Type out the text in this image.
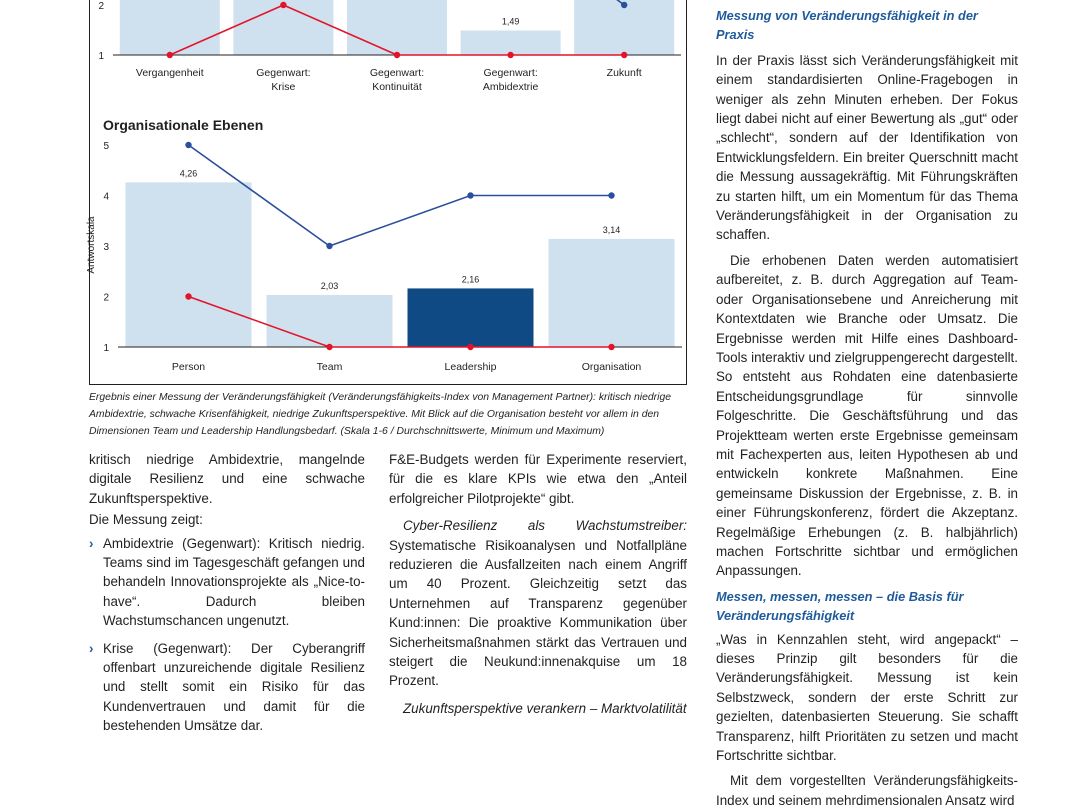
1
2
1,49
Vergangenheit	Gegenwart:
Krise
Gegenwart:
Kontinuität
Gegenwart:
Ambidextrie
Zukunft
1
2
3
4
5
4,26
2,03
2,16
3,14
Person	Team	Leadership	Organisation
Organisationale Ebenen
Antwortskala
Ergebnis einer Messung der Veränderungsfähigkeit (Veränderungsfähigkeits-Index von Management Partner): kritisch niedrige Ambidextrie, schwache Krisenfähigkeit, niedrige Zukunftsperspektive. Mit Blick auf die Organisation besteht vor allem in den Dimensionen Team und Leadership Handlungsbedarf. (Skala 1-6 / Durchschnittswerte, Minimum und Maximum)

kritisch niedrige Ambidextrie, mangelnde digitale Resilienz und eine schwache Zukunftsperspektive.

Die Messung zeigt:

› Ambidextrie (Gegenwart): Kritisch niedrig. Teams sind im Tagesgeschäft gefangen und behandeln Innovationsprojekte als „Nice-to-have“. Dadurch bleiben Wachstumschancen ungenutzt.
› Krise (Gegenwart): Der Cyberangriff offenbart unzureichende digitale Resilienz und stellt somit ein Risiko für das Kundenvertrauen und damit für die bestehenden Umsätze dar.

F&E-Budgets werden für Experimente reserviert, für die es klare KPIs wie etwa den „Anteil erfolgreicher Pilotprojekte“ gibt.

Cyber-Resilienz als Wachstumstreiber: Systematische Risikoanalysen und Notfallpläne reduzieren die Ausfallzeiten nach einem Angriff um 40 Prozent. Gleichzeitig setzt das Unternehmen auf Transparenz gegenüber Kund:innen: Die proaktive Kommunikation über Sicherheitsmaßnahmen stärkt das Vertrauen und steigert die Neukund:innenakquise um 18 Prozent.

Zukunftsperspektive verankern – Marktvolatilität

Messung von Veränderungsfähigkeit in der Praxis

In der Praxis lässt sich Veränderungsfähigkeit mit einem standardisierten Online-Fragebogen in weniger als zehn Minuten erheben. Der Fokus liegt dabei nicht auf einer Bewertung als „gut“ oder „schlecht“, sondern auf der Identifikation von Entwicklungsfeldern. Ein breiter Querschnitt macht die Messung aussagekräftig. Mit Führungskräften zu starten hilft, um ein Momentum für das Thema Veränderungsfähigkeit in der Organisation zu schaffen.

Die erhobenen Daten werden automatisiert aufbereitet, z. B. durch Aggregation auf Team- oder Organisationsebene und Anreicherung mit Kontextdaten wie Branche oder Umsatz. Die Ergebnisse werden mit Hilfe eines Dashboard-Tools interaktiv und zielgruppengerecht dargestellt. So entsteht aus Rohdaten eine datenbasierte Entscheidungsgrundlage für sinnvolle Folgeschritte. Die Geschäftsführung und das Projektteam werten erste Ergebnisse gemeinsam mit Fachexperten aus, leiten Hypothesen ab und entwickeln konkrete Maßnahmen. Eine gemeinsame Diskussion der Ergebnisse, z. B. in einer Führungskonferenz, fördert die Akzeptanz. Regelmäßige Erhebungen (z. B. halbjährlich) machen Fortschritte sichtbar und ermöglichen Anpassungen.

Messen, messen, messen – die Basis für Veränderungsfähigkeit

„Was in Kennzahlen steht, wird angepackt“ – dieses Prinzip gilt besonders für die Veränderungsfähigkeit. Messung ist kein Selbstzweck, sondern der erste Schritt zur gezielten, datenbasierten Steuerung. Sie schafft Transparenz, hilft Prioritäten zu setzen und macht Fortschritte sichtbar.

Mit dem vorgestellten Veränderungsfähigkeits-Index und seinem mehrdimensionalen Ansatz wird
